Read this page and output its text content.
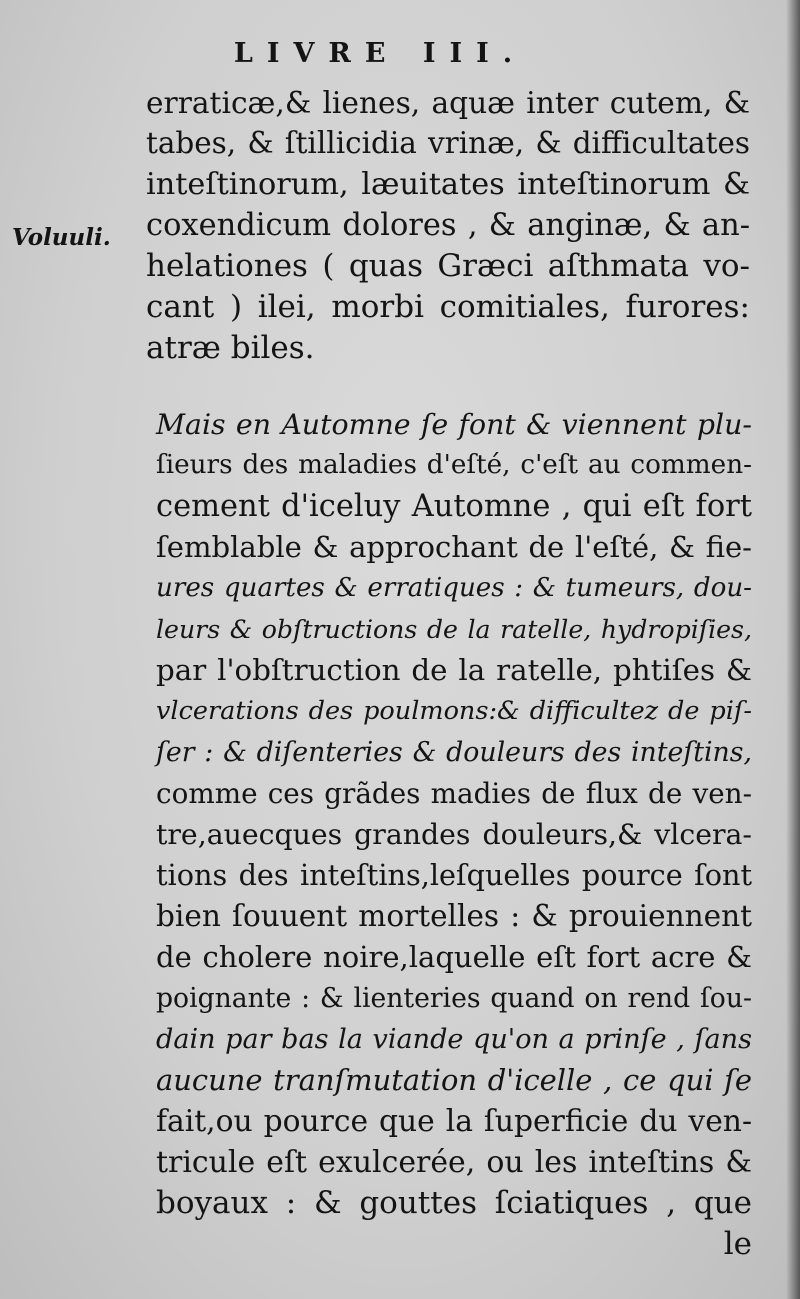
LIVRE III.
Voluuli.
erraticæ,& lienes, aquæ inter cutem, &
tabes, & ſtillicidia vrinæ, & difficultates
inteſtinorum, læuitates inteſtinorum &
coxendicum dolores , & anginæ, & an-
helationes ( quas Græci aſthmata vo-
cant ) ilei, morbi comitiales, furores:
atræ biles.
Mais en Automne ſe font & viennent plu-
ſieurs des maladies d'eſté, c'eſt au commen-
cement d'iceluy Automne , qui eſt fort
ſemblable & approchant de l'eſté, & fie-
ures quartes & erratiques : & tumeurs, dou-
leurs & obſtructions de la ratelle, hydropiſies,
par l'obſtruction de la ratelle, phtiſes &
vlcerations des poulmons:& difficultez de piſ-
ſer : & diſenteries & douleurs des inteſtins,
comme ces grãdes madies de flux de ven-
tre,auecques grandes douleurs,& vlcera-
tions des inteſtins,leſquelles pource ſont
bien ſouuent mortelles : & prouiennent
de cholere noire,laquelle eſt fort acre &
poignante : & lienteries quand on rend ſou-
dain par bas la viande qu'on a prinſe , ſans
aucune tranſmutation d'icelle , ce qui ſe
fait,ou pource que la ſuperficie du ven-
tricule eſt exulcerée, ou les inteſtins &
boyaux : & gouttes ſciatiques , que
le
